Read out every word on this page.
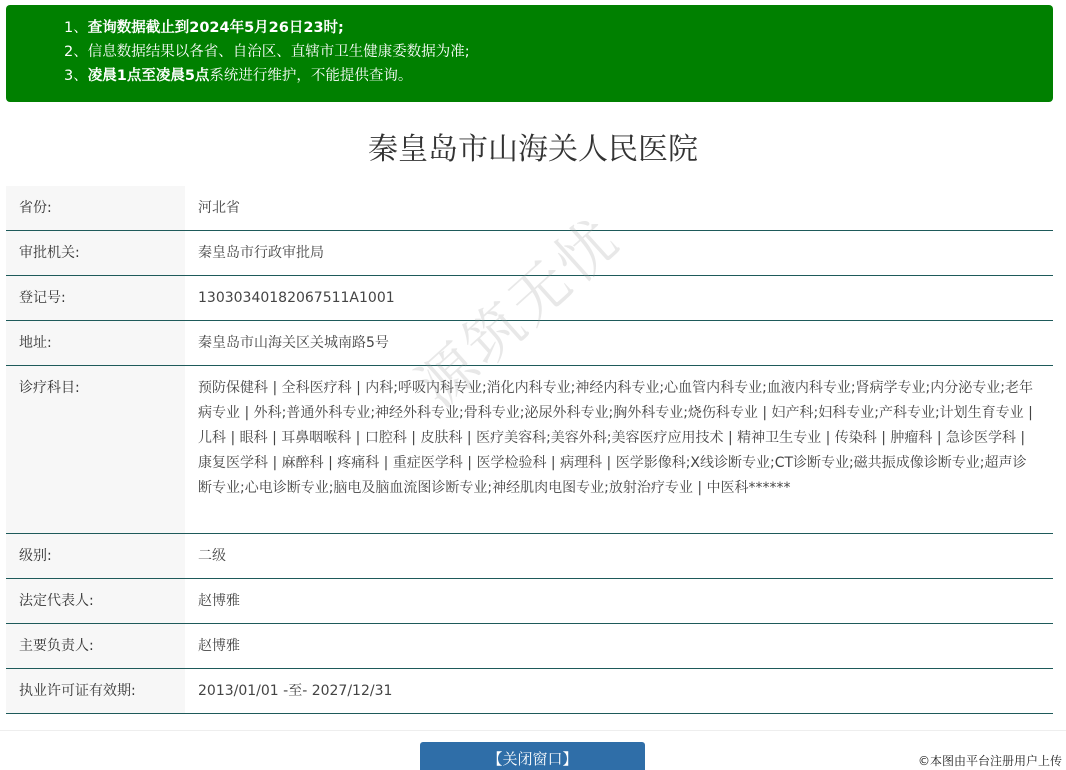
1、查询数据截止到2024年5月26日23时;
2、信息数据结果以各省、自治区、直辖市卫生健康委数据为准;
3、凌晨1点至凌晨5点系统进行维护，不能提供查询。
秦皇岛市山海关人民医院
省份:	河北省

审批机关:	秦皇岛市行政审批局

登记号:	13030340182067511A1001

地址:	秦皇岛市山海关区关城南路5号

诊疗科目:	预防保健科 | 全科医疗科 | 内科;呼吸内科专业;消化内科专业;神经内科专业;心血管内科专业;血液内科专业;肾病学专业;内分泌专业;老年病专业 | 外科;普通外科专业;神经外科专业;骨科专业;泌尿外科专业;胸外科专业;烧伤科专业 | 妇产科;妇科专业;产科专业;计划生育专业 | 儿科 | 眼科 | 耳鼻咽喉科 | 口腔科 | 皮肤科 | 医疗美容科;美容外科;美容医疗应用技术 | 精神卫生专业 | 传染科 | 肿瘤科 | 急诊医学科 | 康复医学科 | 麻醉科 | 疼痛科 | 重症医学科 | 医学检验科 | 病理科 | 医学影像科;X线诊断专业;CT诊断专业;磁共振成像诊断专业;超声诊断专业;心电诊断专业;脑电及脑血流图诊断专业;神经肌肉电图专业;放射治疗专业 | 中医科******

级别:	二级

法定代表人:	赵博雅

主要负责人:	赵博雅

执业许可证有效期:	2013/01/01 -至- 2027/12/31
源筑无忧
【关闭窗口】	©本图由平台注册用户上传
